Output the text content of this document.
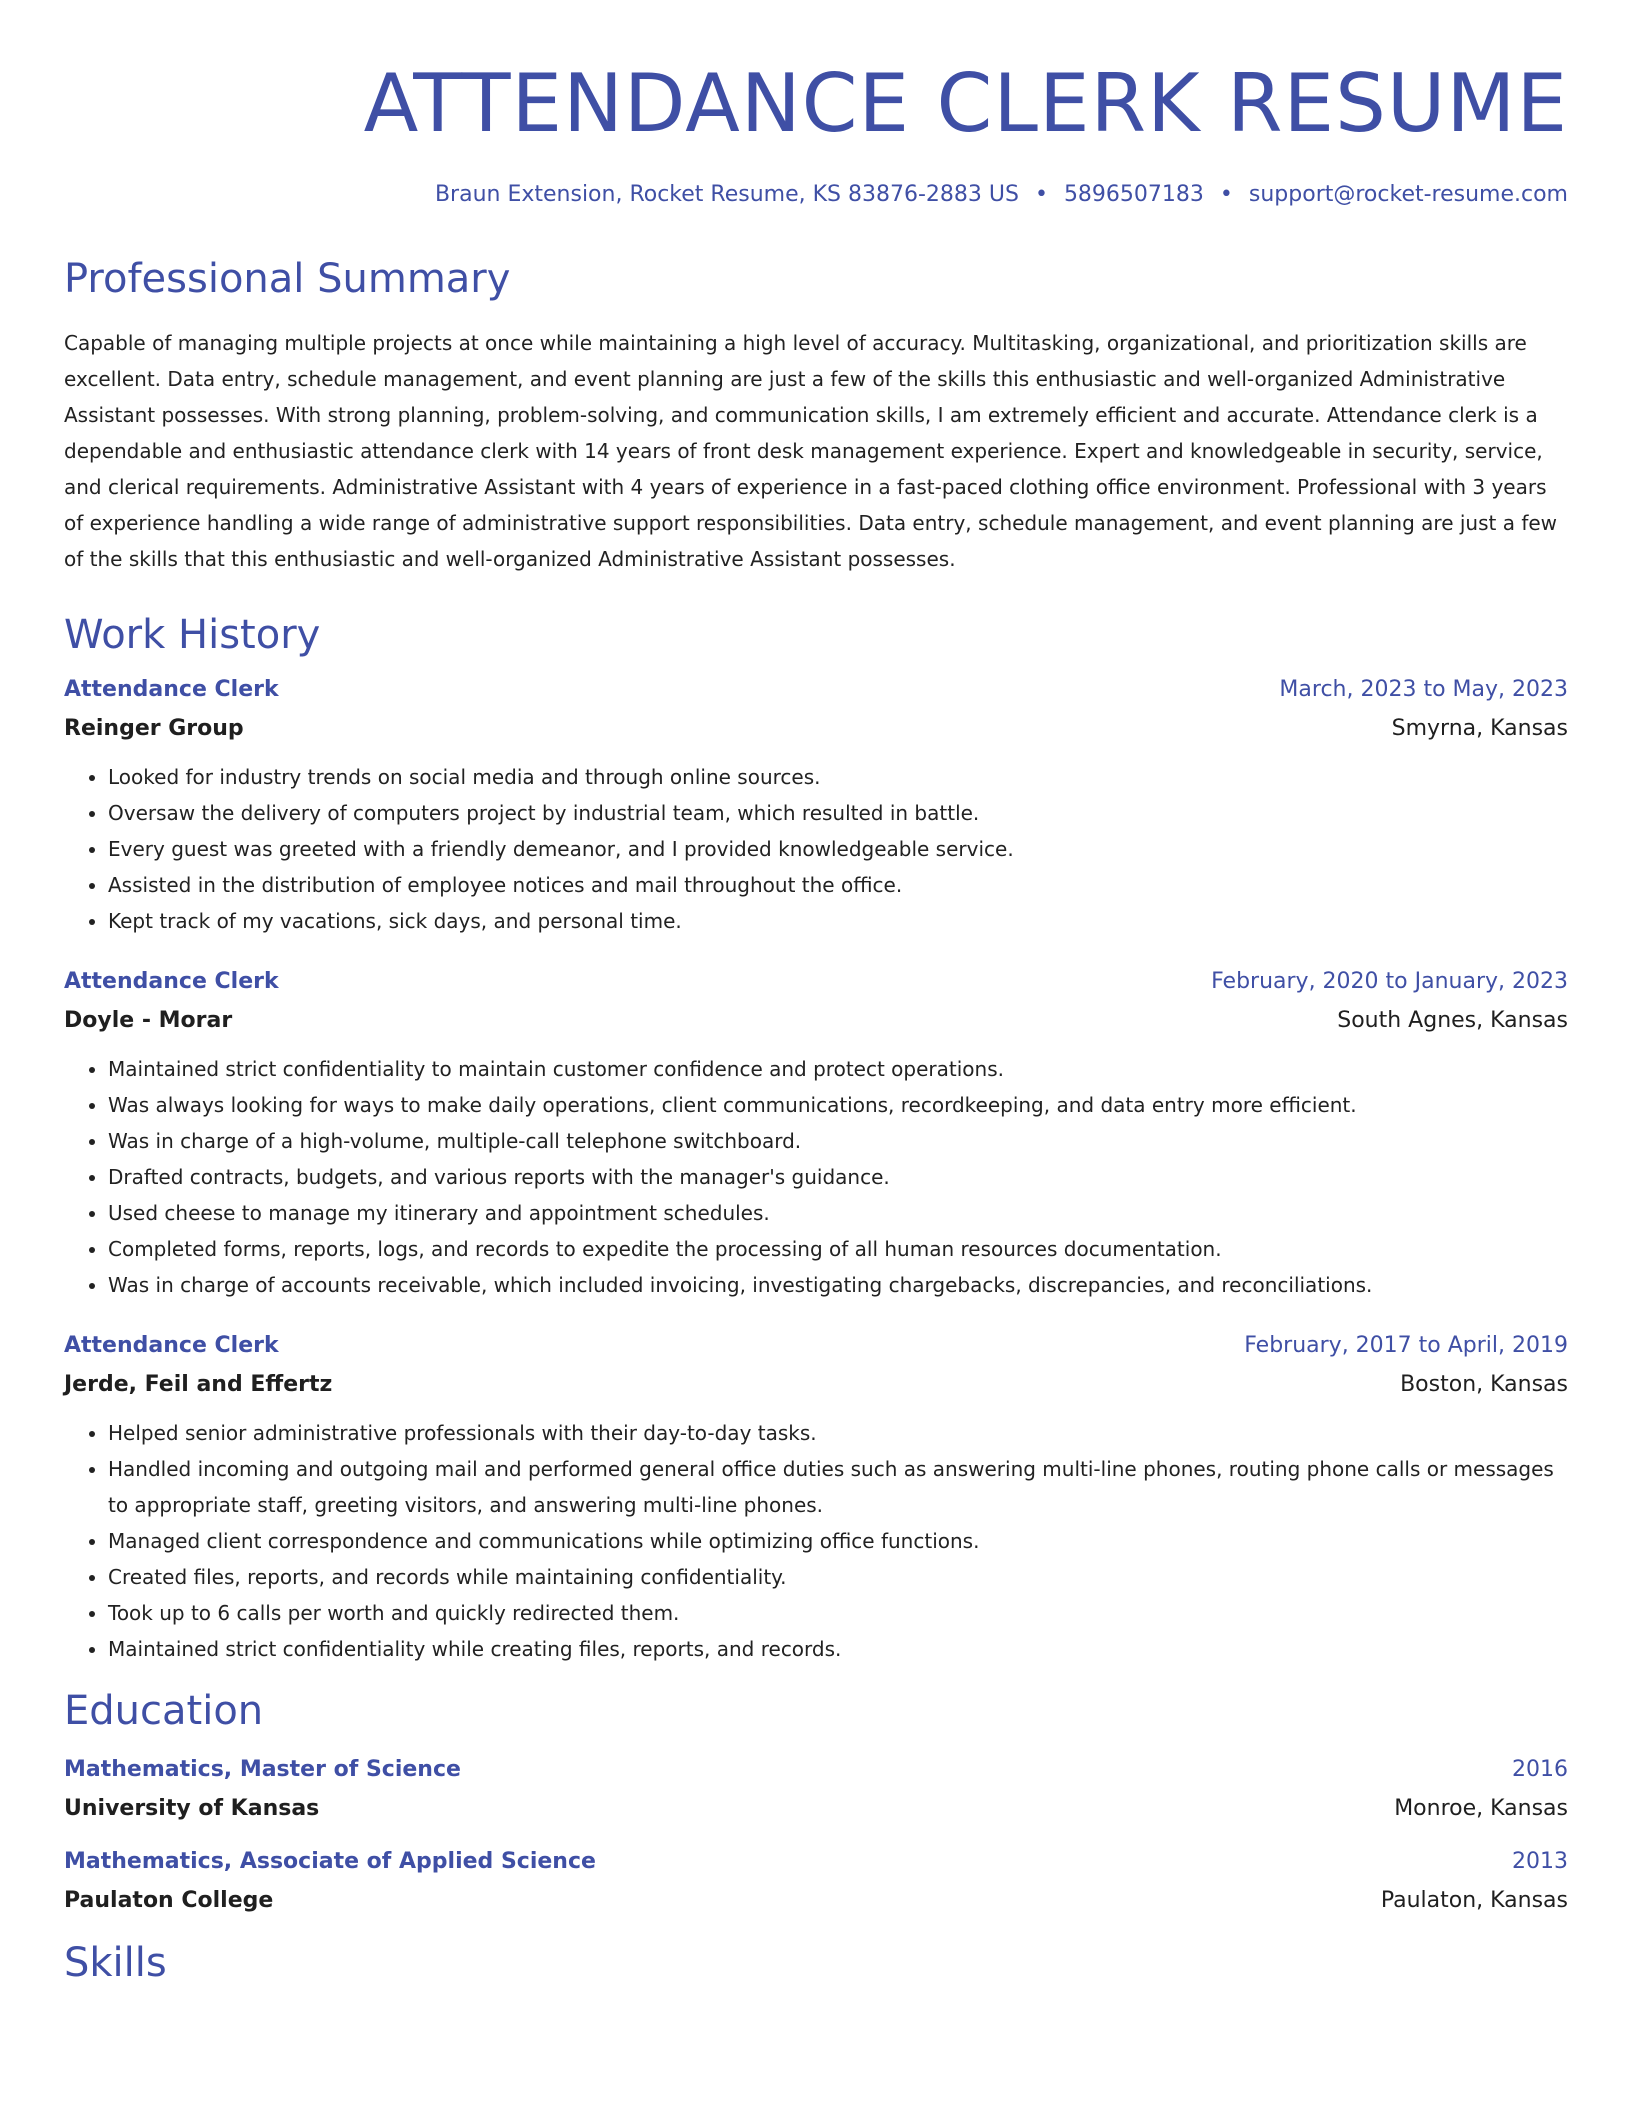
ATTENDANCE CLERK RESUME
Braun Extension, Rocket Resume, KS 83876-2883 US • 5896507183 • support@rocket-resume.com
Professional Summary
Capable of managing multiple projects at once while maintaining a high level of accuracy. Multitasking, organizational, and prioritization skills are excellent. Data entry, schedule management, and event planning are just a few of the skills this enthusiastic and well-organized Administrative Assistant possesses. With strong planning, problem-solving, and communication skills, I am extremely efficient and accurate. Attendance clerk is a dependable and enthusiastic attendance clerk with 14 years of front desk management experience. Expert and knowledgeable in security, service, and clerical requirements. Administrative Assistant with 4 years of experience in a fast-paced clothing office environment. Professional with 3 years of experience handling a wide range of administrative support responsibilities. Data entry, schedule management, and event planning are just a few of the skills that this enthusiastic and well-organized Administrative Assistant possesses.
Work History
Attendance Clerk	March, 2023 to May, 2023
Reinger Group	Smyrna, Kansas
• Looked for industry trends on social media and through online sources.
• Oversaw the delivery of computers project by industrial team, which resulted in battle.
• Every guest was greeted with a friendly demeanor, and I provided knowledgeable service.
• Assisted in the distribution of employee notices and mail throughout the office.
• Kept track of my vacations, sick days, and personal time.
Attendance Clerk	February, 2020 to January, 2023
Doyle - Morar	South Agnes, Kansas
• Maintained strict confidentiality to maintain customer confidence and protect operations.
• Was always looking for ways to make daily operations, client communications, recordkeeping, and data entry more efficient.
• Was in charge of a high-volume, multiple-call telephone switchboard.
• Drafted contracts, budgets, and various reports with the manager's guidance.
• Used cheese to manage my itinerary and appointment schedules.
• Completed forms, reports, logs, and records to expedite the processing of all human resources documentation.
• Was in charge of accounts receivable, which included invoicing, investigating chargebacks, discrepancies, and reconciliations.
Attendance Clerk	February, 2017 to April, 2019
Jerde, Feil and Effertz	Boston, Kansas
• Helped senior administrative professionals with their day-to-day tasks.
• Handled incoming and outgoing mail and performed general office duties such as answering multi-line phones, routing phone calls or messages to appropriate staff, greeting visitors, and answering multi-line phones.
• Managed client correspondence and communications while optimizing office functions.
• Created files, reports, and records while maintaining confidentiality.
• Took up to 6 calls per worth and quickly redirected them.
• Maintained strict confidentiality while creating files, reports, and records.
Education
Mathematics, Master of Science	2016
University of Kansas	Monroe, Kansas
Mathematics, Associate of Applied Science	2013
Paulaton College	Paulaton, Kansas
Skills
